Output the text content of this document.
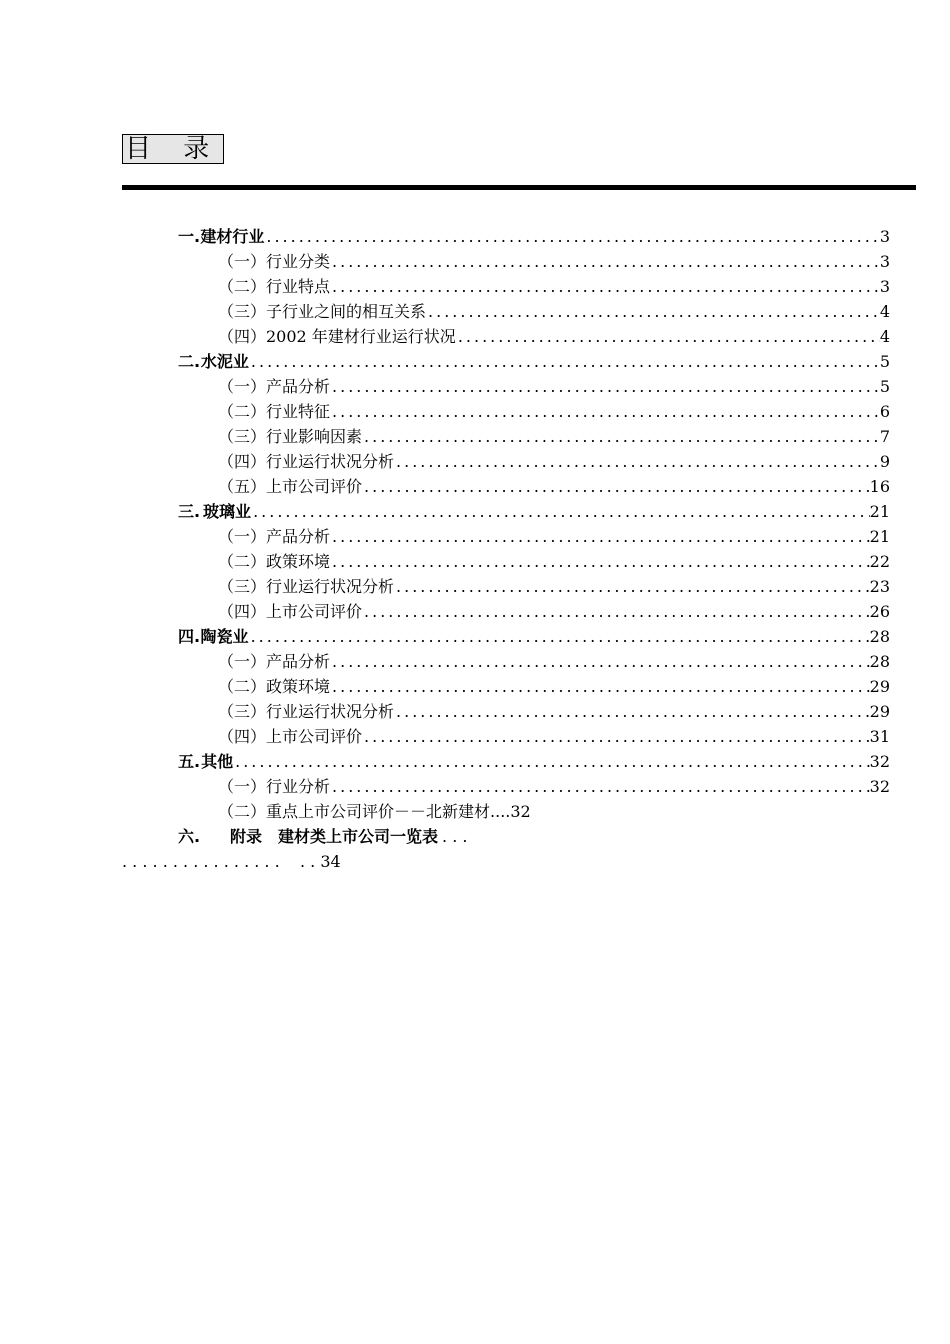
目 录
一. 建材行业 .....	3
（一）行业分类 .....	3
（二）行业特点 .....	3
（三）子行业之间的相互关系 .....	4
（四）2002 年建材行业运行状况 .....	4
二. 水泥业 .....	5
（一）产品分析 .....	5
（二）行业特征 .....	6
（三）行业影响因素 .....	7
（四）行业运行状况分析 .....	9
（五）上市公司评价 .....	16
三. 玻璃业 .....	21
（一）产品分析 .....	21
（二）政策环境 .....	22
（三）行业运行状况分析 .....	23
（四）上市公司评价 .....	26
四. 陶瓷业 .....	28
（一）产品分析 .....	28
（二）政策环境 .....	29
（三）行业运行状况分析 .....	29
（四）上市公司评价 .....	31
五. 其他 .....	32
（一）行业分析 .....	32
（二）重点上市公司评价－－北新建材 .... 32
六.	附录　建材类上市公司一览表 . . .
. . . . . . . . . . . . . . . .    . . 34
